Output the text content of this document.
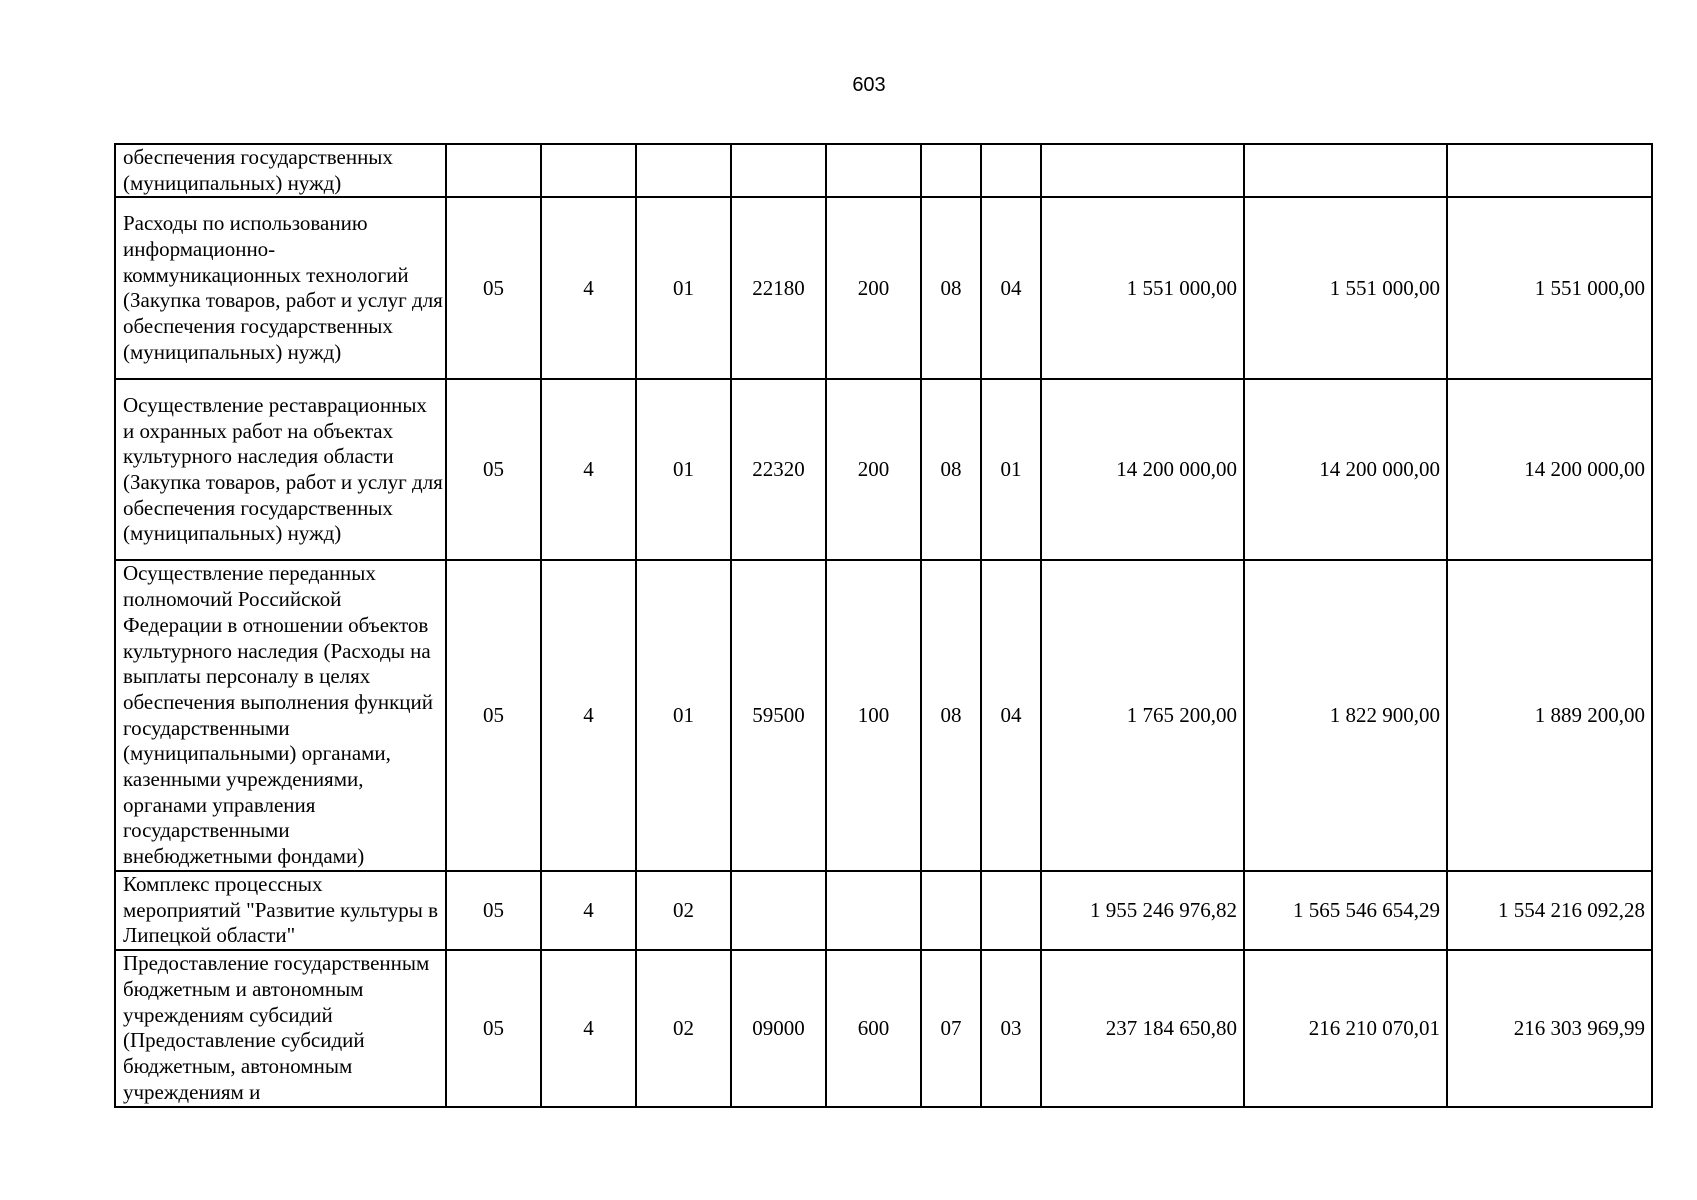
603
обеспечения государственных (муниципальных) нужд)										
Расходы по использованию информационно-коммуникационных технологий (Закупка товаров, работ и услуг для обеспечения государственных (муниципальных) нужд)	05	4	01	22180	200	08	04	1 551 000,00	1 551 000,00	1 551 000,00
Осуществление реставрационных и охранных работ на объектах культурного наследия области (Закупка товаров, работ и услуг для обеспечения государственных (муниципальных) нужд)	05	4	01	22320	200	08	01	14 200 000,00	14 200 000,00	14 200 000,00
Осуществление переданных полномочий Российской Федерации в отношении объектов культурного наследия (Расходы на выплаты персоналу в целях обеспечения выполнения функций государственными (муниципальными) органами, казенными учреждениями, органами управления государственными внебюджетными фондами)	05	4	01	59500	100	08	04	1 765 200,00	1 822 900,00	1 889 200,00
Комплекс процессных мероприятий "Развитие культуры в Липецкой области"	05	4	02					1 955 246 976,82	1 565 546 654,29	1 554 216 092,28
Предоставление государственным бюджетным и автономным учреждениям субсидий (Предоставление субсидий бюджетным, автономным учреждениям и	05	4	02	09000	600	07	03	237 184 650,80	216 210 070,01	216 303 969,99
